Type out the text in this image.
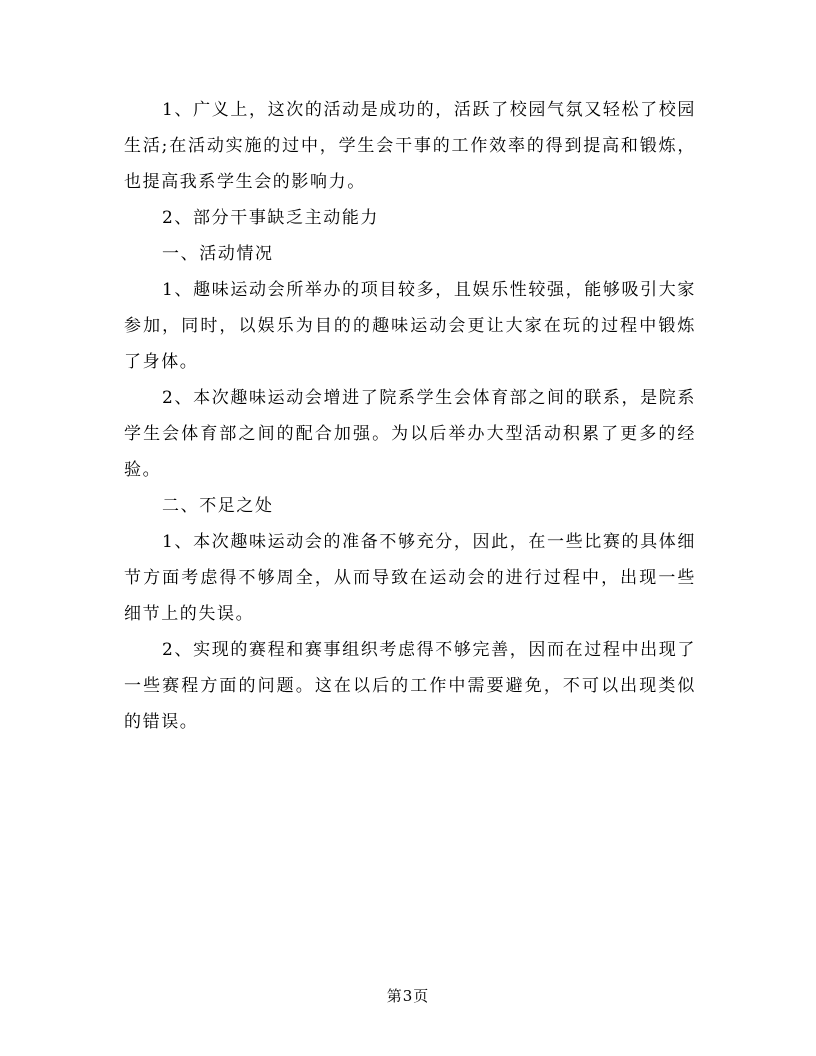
1、广义上，这次的活动是成功的，活跃了校园气氛又轻松了校园生活;在活动实施的过中，学生会干事的工作效率的得到提高和锻炼，也提高我系学生会的影响力。

2、部分干事缺乏主动能力

一、活动情况

1、趣味运动会所举办的项目较多，且娱乐性较强，能够吸引大家参加，同时，以娱乐为目的的趣味运动会更让大家在玩的过程中锻炼了身体。

2、本次趣味运动会增进了院系学生会体育部之间的联系，是院系学生会体育部之间的配合加强。为以后举办大型活动积累了更多的经验。

二、不足之处

1、本次趣味运动会的准备不够充分，因此，在一些比赛的具体细节方面考虑得不够周全，从而导致在运动会的进行过程中，出现一些细节上的失误。

2、实现的赛程和赛事组织考虑得不够完善，因而在过程中出现了一些赛程方面的问题。这在以后的工作中需要避免，不可以出现类似的错误。

第3页
